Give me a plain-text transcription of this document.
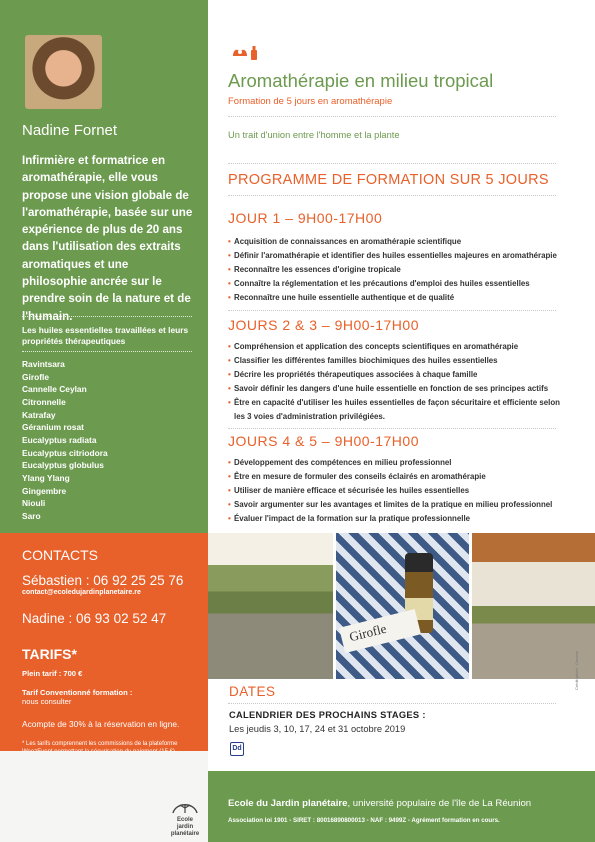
Nadine Fornet
Infirmière et formatrice en aromathérapie, elle vous propose une vision globale de l'aromathérapie, basée sur une expérience de plus de 20 ans dans l'utilisation des extraits aromatiques et une philosophie ancrée sur le prendre soin de la nature et de l'humain.
Les huiles essentielles travaillées et leurs propriétés thérapeutiques
Ravintsara
Girofle
Cannelle Ceylan
Citronnelle
Katrafay
Géranium rosat
Eucalyptus radiata
Eucalyptus citriodora
Eucalyptus globulus
Ylang Ylang
Gingembre
Niouli
Saro
CONTACTS
Sébastien : 06 92 25 25 76
contact@ecoledujardinplanetaire.re
Nadine : 06 93 02 52 47
TARIFS*
Plein tarif : 700 €
Tarif Conventionné formation :
nous consulter
Acompte de 30% à la réservation en ligne.
* Les tarifs comprennent les commissions de la plateforme
Aromathérapie en milieu tropical
Formation de 5 jours en aromathérapie
Un trait d'union entre l'homme et la plante
PROGRAMME DE FORMATION SUR 5 JOURS
JOUR 1 – 9H00-17H00
• Acquisition de connaissances en aromathérapie scientifique
• Définir l'aromathérapie et identifier des huiles essentielles majeures en aromathérapie
• Reconnaître les essences d'origine tropicale
• Connaître la réglementation et les précautions d'emploi des huiles essentielles
• Reconnaître une huile essentielle authentique et de qualité
JOURS 2 & 3 – 9H00-17H00
• Compréhension et application des concepts scientifiques en aromathérapie
• Classifier les différentes familles biochimiques des huiles essentielles
• Décrire les propriétés thérapeutiques associées à chaque famille
• Savoir définir les dangers d'une huile essentielle en fonction de ses principes actifs
• Être en capacité d'utiliser les huiles essentielles de façon sécuritaire et efficiente selon les 3 voies d'administration privilégiées.
JOURS 4 & 5 – 9H00-17H00
• Développement des compétences en milieu professionnel
• Être en mesure de formuler des conseils éclairés en aromathérapie
• Utiliser de manière efficace et sécurisée les huiles essentielles
• Savoir argumenter sur les avantages et limites de la pratique en milieu professionnel
• Évaluer l'impact de la formation sur la pratique professionnelle
Girofle
DATES
CALENDRIER DES PROCHAINS STAGES :
Les jeudis 3, 10, 17, 24 et 31 octobre 2019
Dd
Crédit photo : Cocoon
Ecole
jardin planétaire
Ecole du Jardin planétaire, université populaire de l'île de La Réunion
Association loi 1901 - SIRET : 80016890800013 - NAF : 9499Z - Agrément formation en cours.
